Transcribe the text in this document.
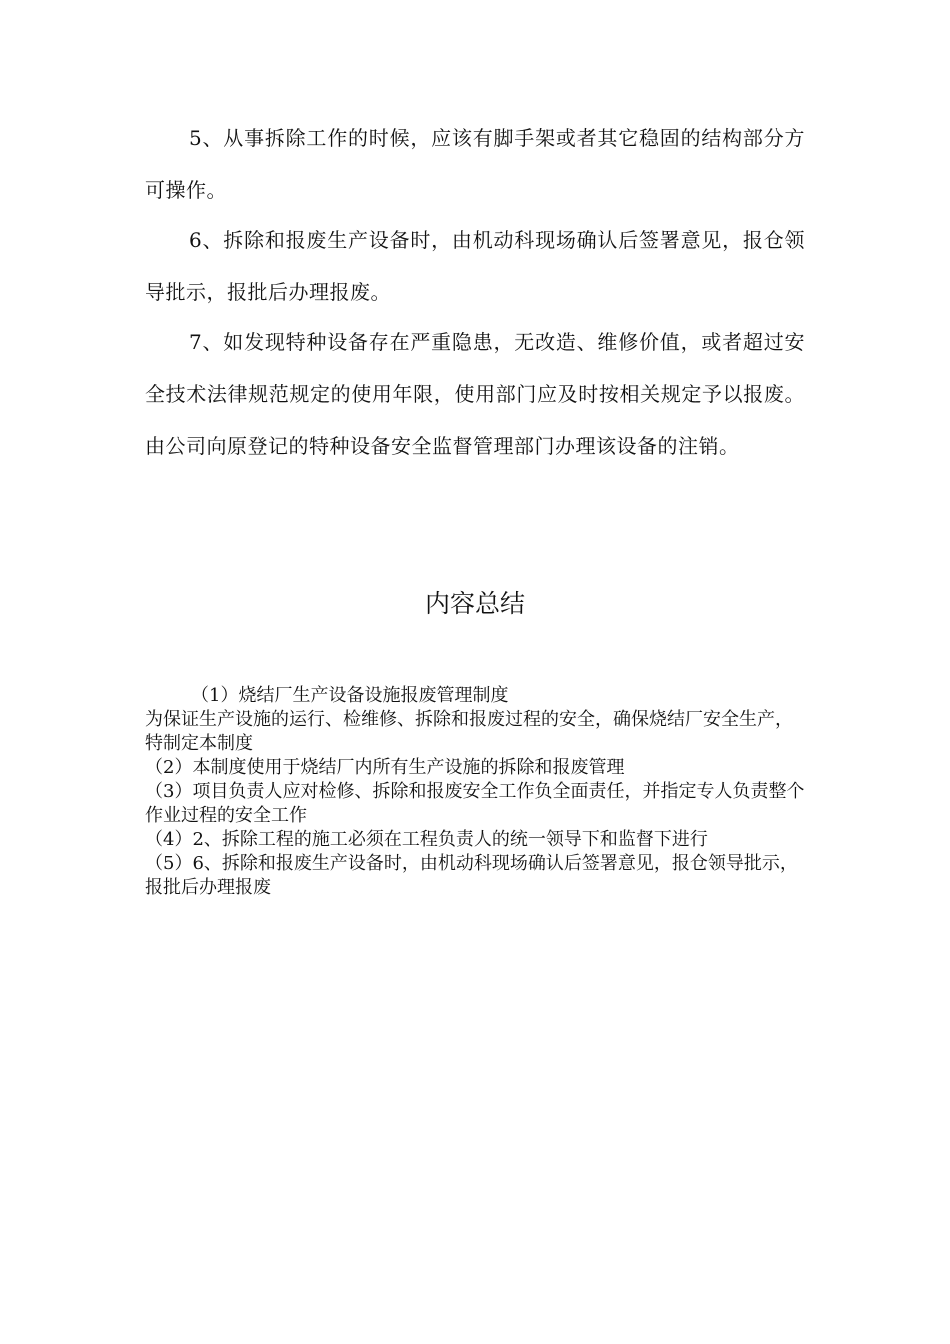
5、从事拆除工作的时候，应该有脚手架或者其它稳固的结构部分方可操作。

6、拆除和报废生产设备时，由机动科现场确认后签署意见，报仓领导批示，报批后办理报废。

7、如发现特种设备存在严重隐患，无改造、维修价值，或者超过安全技术法律规范规定的使用年限，使用部门应及时按相关规定予以报废。由公司向原登记的特种设备安全监督管理部门办理该设备的注销。

内容总结

（1）烧结厂生产设备设施报废管理制度

为保证生产设施的运行、检维修、拆除和报废过程的安全，确保烧结厂安全生产，特制定本制度

（2）本制度使用于烧结厂内所有生产设施的拆除和报废管理

（3）项目负责人应对检修、拆除和报废安全工作负全面责任，并指定专人负责整个作业过程的安全工作

（4）2、拆除工程的施工必须在工程负责人的统一领导下和监督下进行

（5）6、拆除和报废生产设备时，由机动科现场确认后签署意见，报仓领导批示，报批后办理报废
